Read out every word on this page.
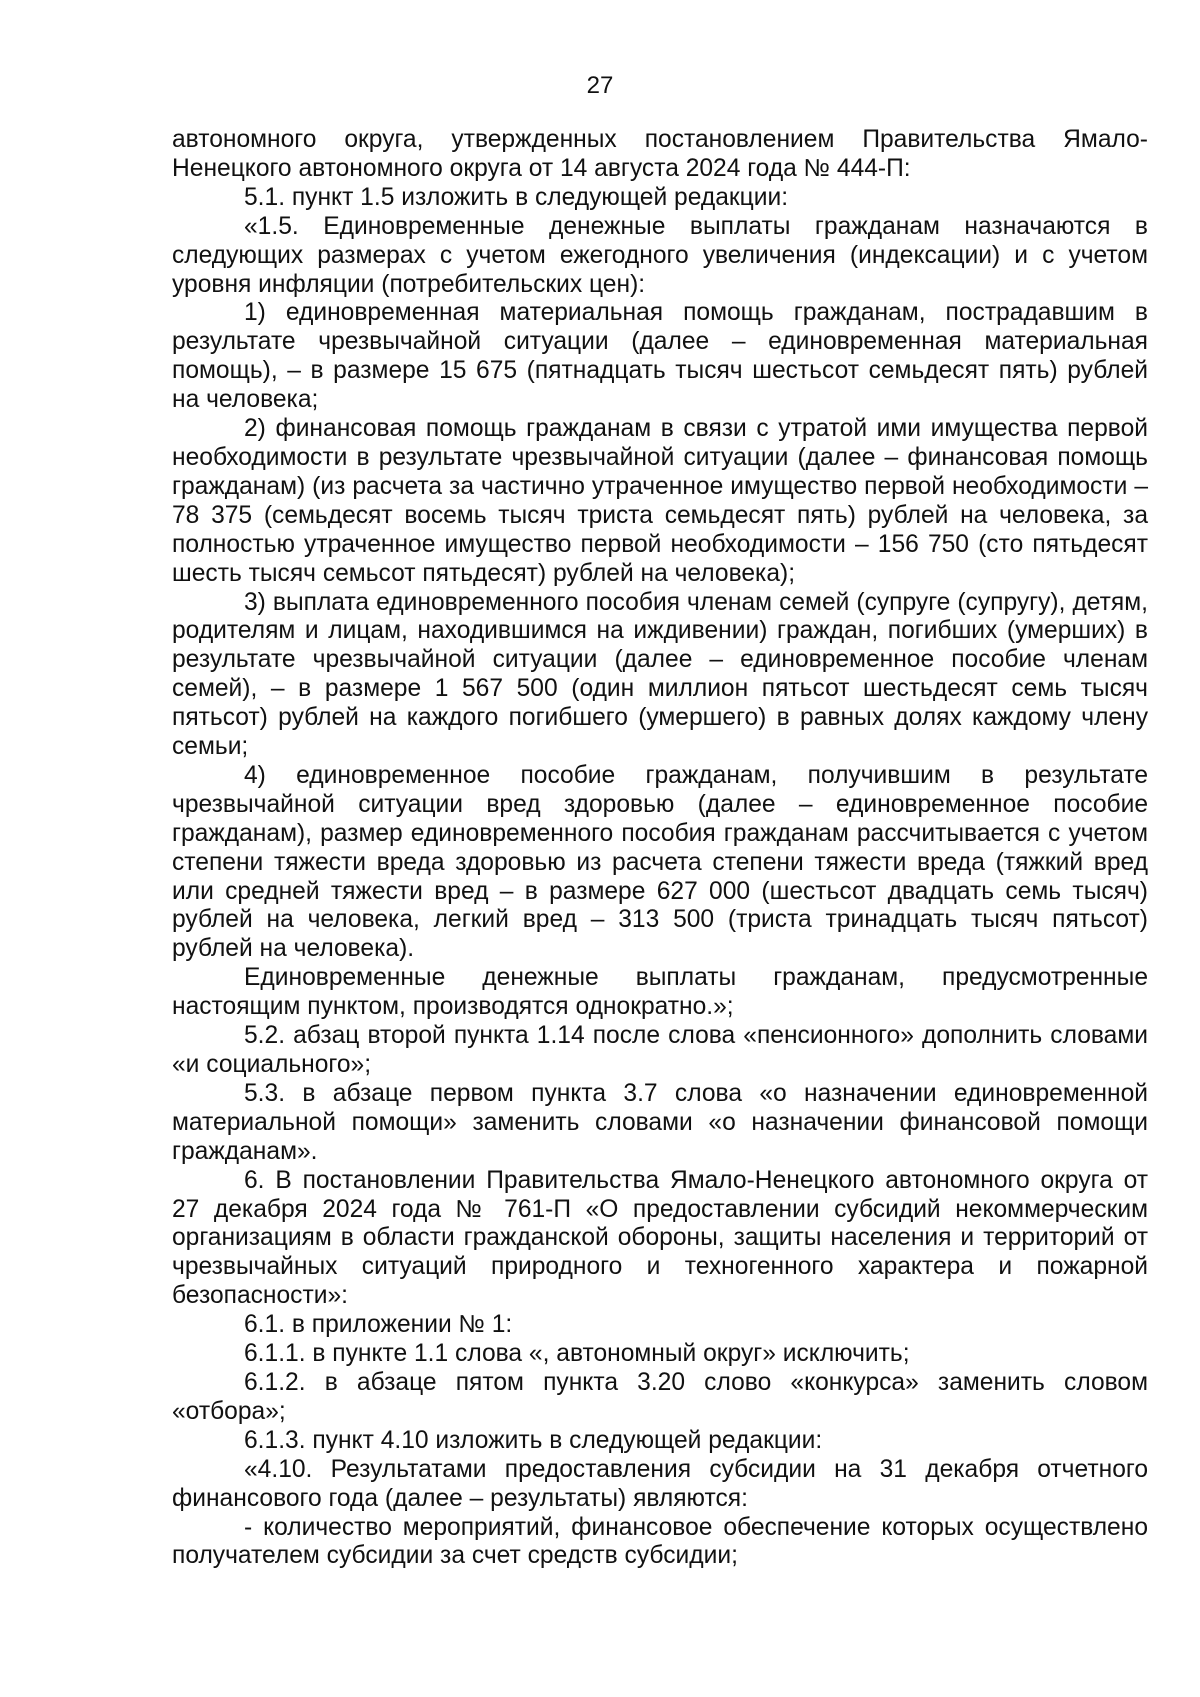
27

автономного округа, утвержденных постановлением Правительства Ямало-Ненецкого автономного округа от 14 августа 2024 года № 444-П:

5.1. пункт 1.5 изложить в следующей редакции:

«1.5. Единовременные денежные выплаты гражданам назначаются в следующих размерах с учетом ежегодного увеличения (индексации) и с учетом уровня инфляции (потребительских цен):

1) единовременная материальная помощь гражданам, пострадавшим в результате чрезвычайной ситуации (далее – единовременная материальная помощь), – в размере 15 675 (пятнадцать тысяч шестьсот семьдесят пять) рублей на человека;

2) финансовая помощь гражданам в связи с утратой ими имущества первой необходимости в результате чрезвычайной ситуации (далее – финансовая помощь гражданам) (из расчета за частично утраченное имущество первой необходимости – 78 375 (семьдесят восемь тысяч триста семьдесят пять) рублей на человека, за полностью утраченное имущество первой необходимости – 156 750 (сто пятьдесят шесть тысяч семьсот пятьдесят) рублей на человека);

3) выплата единовременного пособия членам семей (супруге (супругу), детям, родителям и лицам, находившимся на иждивении) граждан, погибших (умерших) в результате чрезвычайной ситуации (далее – единовременное пособие членам семей), – в размере 1 567 500 (один миллион пятьсот шестьдесят семь тысяч пятьсот) рублей на каждого погибшего (умершего) в равных долях каждому члену семьи;

4) единовременное пособие гражданам, получившим в результате чрезвычайной ситуации вред здоровью (далее – единовременное пособие гражданам), размер единовременного пособия гражданам рассчитывается с учетом степени тяжести вреда здоровью из расчета степени тяжести вреда (тяжкий вред или средней тяжести вред – в размере 627 000 (шестьсот двадцать семь тысяч) рублей на человека, легкий вред – 313 500 (триста тринадцать тысяч пятьсот) рублей на человека).

Единовременные денежные выплаты гражданам, предусмотренные настоящим пунктом, производятся однократно.»;

5.2. абзац второй пункта 1.14 после слова «пенсионного» дополнить словами «и социального»;

5.3. в абзаце первом пункта 3.7 слова «о назначении единовременной материальной помощи» заменить словами «о назначении финансовой помощи гражданам».

6. В постановлении Правительства Ямало-Ненецкого автономного округа от 27 декабря 2024 года № 761-П «О предоставлении субсидий некоммерческим организациям в области гражданской обороны, защиты населения и территорий от чрезвычайных ситуаций природного и техногенного характера и пожарной безопасности»:

6.1. в приложении № 1:

6.1.1. в пункте 1.1 слова «, автономный округ» исключить;

6.1.2. в абзаце пятом пункта 3.20 слово «конкурса» заменить словом «отбора»;

6.1.3. пункт 4.10 изложить в следующей редакции:

«4.10. Результатами предоставления субсидии на 31 декабря отчетного финансового года (далее – результаты) являются:

- количество мероприятий, финансовое обеспечение которых осуществлено получателем субсидии за счет средств субсидии;
